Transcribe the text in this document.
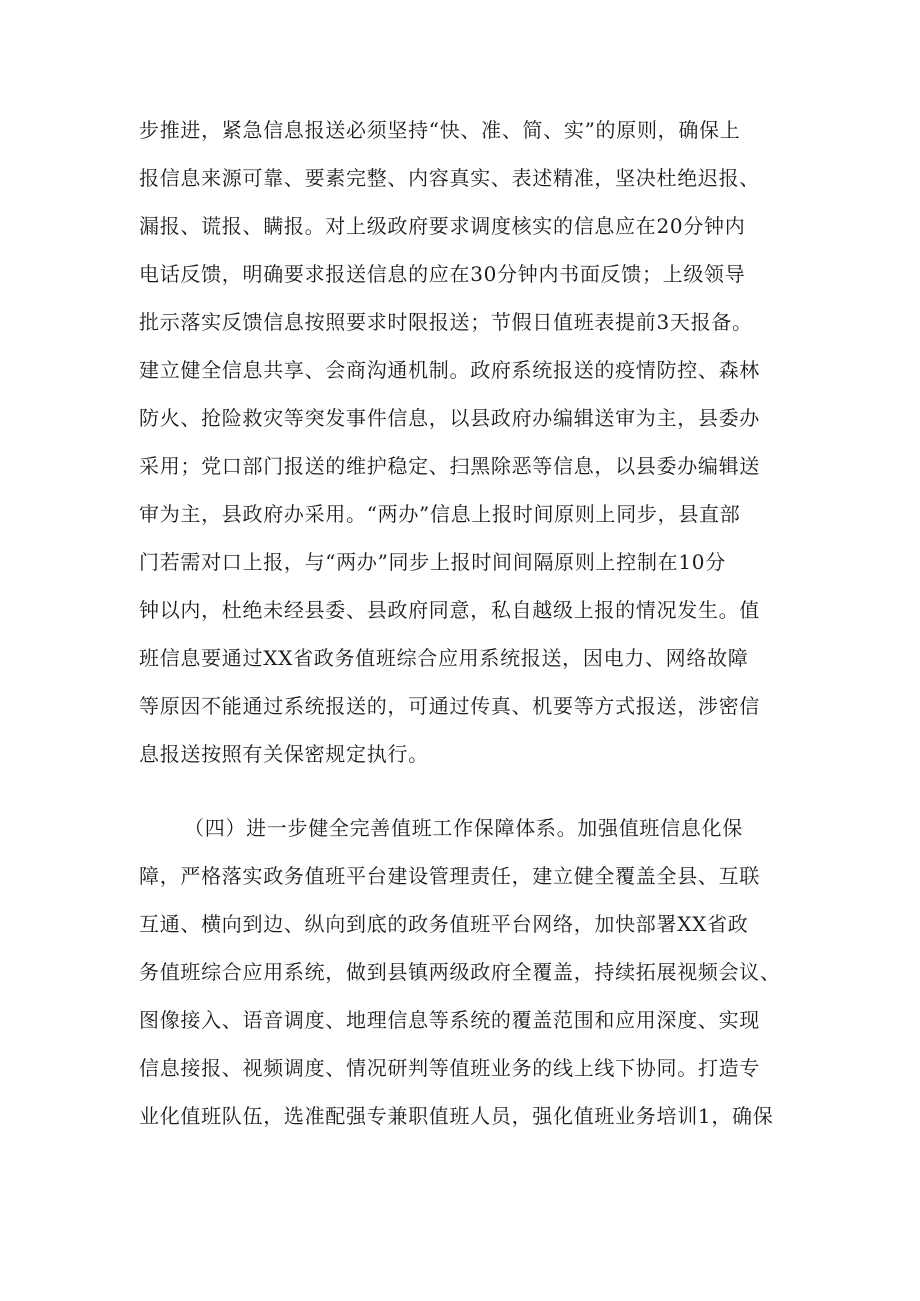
步推进，紧急信息报送必须坚持“快、准、简、实”的原则，确保上
报信息来源可靠、要素完整、内容真实、表述精准，坚决杜绝迟报、
漏报、谎报、瞒报。对上级政府要求调度核实的信息应在20分钟内
电话反馈，明确要求报送信息的应在30分钟内书面反馈；上级领导
批示落实反馈信息按照要求时限报送；节假日值班表提前3天报备。
建立健全信息共享、会商沟通机制。政府系统报送的疫情防控、森林
防火、抢险救灾等突发事件信息，以县政府办编辑送审为主，县委办
采用；党口部门报送的维护稳定、扫黑除恶等信息，以县委办编辑送
审为主，县政府办采用。“两办”信息上报时间原则上同步，县直部
门若需对口上报，与“两办”同步上报时间间隔原则上控制在10分
钟以内，杜绝未经县委、县政府同意，私自越级上报的情况发生。值
班信息要通过XX省政务值班综合应用系统报送，因电力、网络故障
等原因不能通过系统报送的，可通过传真、机要等方式报送，涉密信
息报送按照有关保密规定执行。
（四）进一步健全完善值班工作保障体系。加强值班信息化保
障，严格落实政务值班平台建设管理责任，建立健全覆盖全县、互联
互通、横向到边、纵向到底的政务值班平台网络，加快部署XX省政
务值班综合应用系统，做到县镇两级政府全覆盖，持续拓展视频会议、
图像接入、语音调度、地理信息等系统的覆盖范围和应用深度、实现
信息接报、视频调度、情况研判等值班业务的线上线下协同。打造专
业化值班队伍，选准配强专兼职值班人员，强化值班业务培训1，确保
